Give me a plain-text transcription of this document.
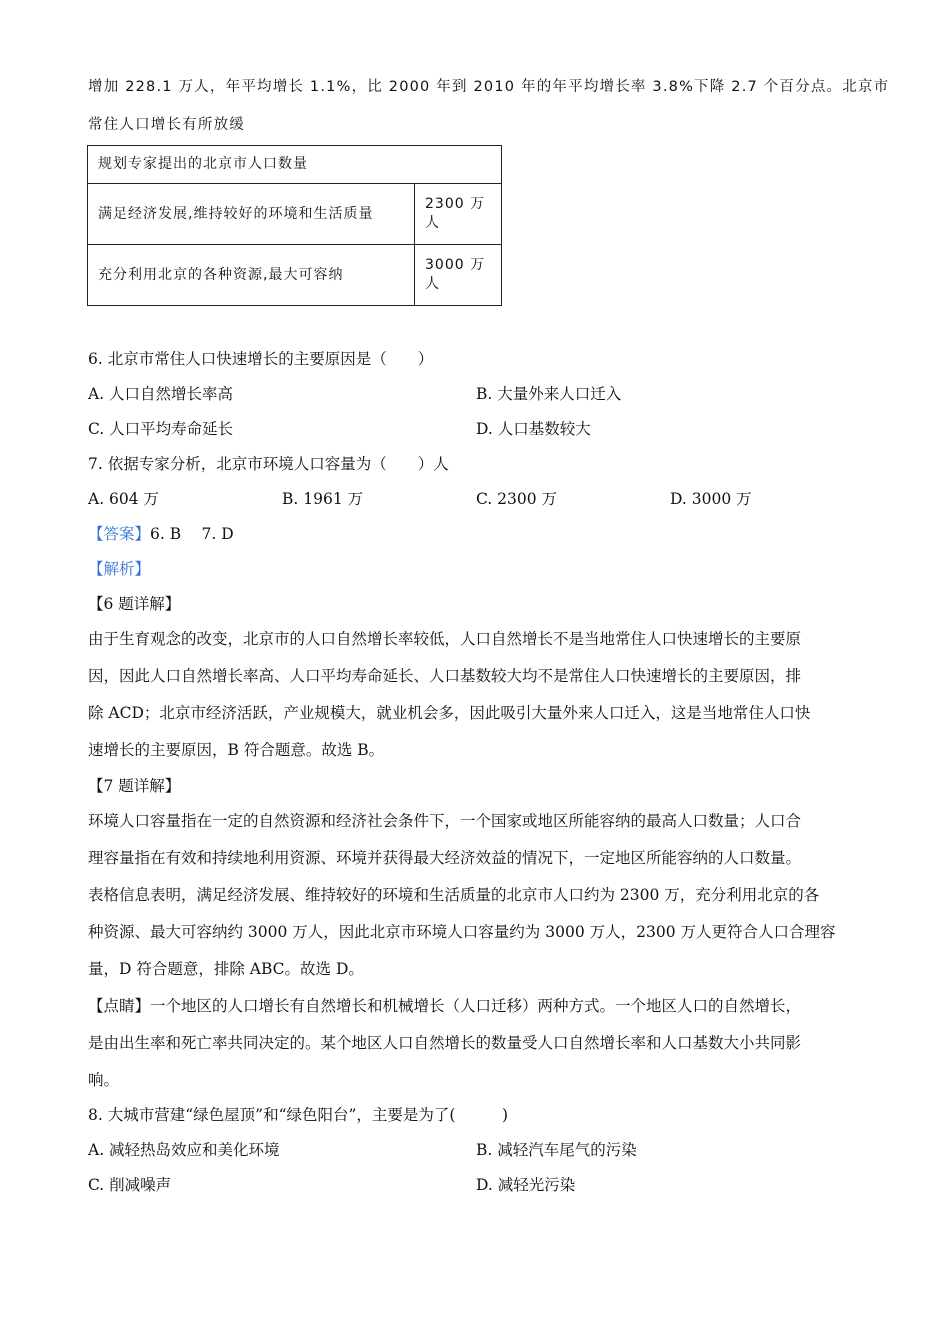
增加 228.1 万人，年平均增长 1.1%，比 2000 年到 2010 年的年平均增长率 3.8%下降 2.7 个百分点。北京市
常住人口增长有所放缓
规划专家提出的北京市人口数量	
满足经济发展,维持较好的环境和生活质量	2300 万人
充分利用北京的各种资源,最大可容纳	3000 万人
6. 北京市常住人口快速增长的主要原因是（　　）
A. 人口自然增长率高	B. 大量外来人口迁入
C. 人口平均寿命延长	D. 人口基数较大
7. 依据专家分析，北京市环境人口容量为（　　）人
A. 604 万	B. 1961 万	C. 2300 万	D. 3000 万
【答案】6. B　 7. D
【解析】
【6 题详解】
由于生育观念的改变，北京市的人口自然增长率较低，人口自然增长不是当地常住人口快速增长的主要原
因，因此人口自然增长率高、人口平均寿命延长、人口基数较大均不是常住人口快速增长的主要原因，排
除 ACD；北京市经济活跃，产业规模大，就业机会多，因此吸引大量外来人口迁入，这是当地常住人口快
速增长的主要原因，B 符合题意。故选 B。
【7 题详解】
环境人口容量指在一定的自然资源和经济社会条件下，一个国家或地区所能容纳的最高人口数量；人口合
理容量指在有效和持续地利用资源、环境并获得最大经济效益的情况下，一定地区所能容纳的人口数量。
表格信息表明，满足经济发展、维持较好的环境和生活质量的北京市人口约为 2300 万，充分利用北京的各
种资源、最大可容纳约 3000 万人，因此北京市环境人口容量约为 3000 万人，2300 万人更符合人口合理容
量，D 符合题意，排除 ABC。故选 D。
【点睛】一个地区的人口增长有自然增长和机械增长（人口迁移）两种方式。一个地区人口的自然增长，
是由出生率和死亡率共同决定的。某个地区人口自然增长的数量受人口自然增长率和人口基数大小共同影
响。
8. 大城市营建“绿色屋顶”和“绿色阳台”，主要是为了(　　　)
A. 减轻热岛效应和美化环境	B. 减轻汽车尾气的污染
C. 削减噪声	D. 减轻光污染
